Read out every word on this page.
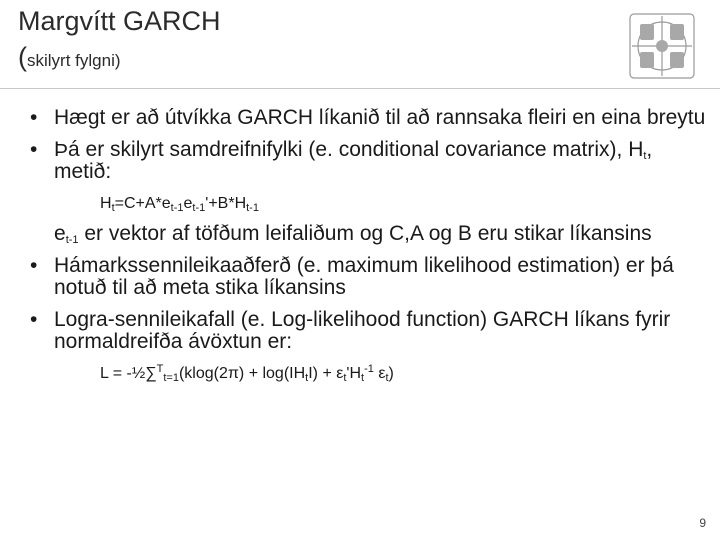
Margvítt GARCH
(skilyrt fylgni)
• Hægt er að útvíkka GARCH líkanið til að rannsaka fleiri en eina breytu
• Þá er skilyrt samdreifnifylki (e. conditional covariance matrix), $H_t$, metið:
$H_t=C+A*e_{t-1}e_{t-1}'+B*H_{t-1}$
$e_{t-1}$ er vektor af töfðum leifaliðum og C,A og B eru stikar líkansins
• Hámarkssennileikaaðferð (e. maximum likelihood estimation) er þá notuð til að meta stika líkansins
• Logra-sennileikafall (e. Log-likelihood function) GARCH líkans fyrir normaldreifða ávöxtun er:
L = -½∑$^T_{t=1}$(klog(2π) + $\log(IH_tI) + \varepsilon_t'H_t^{-1}$ $\varepsilon_t$)
9
